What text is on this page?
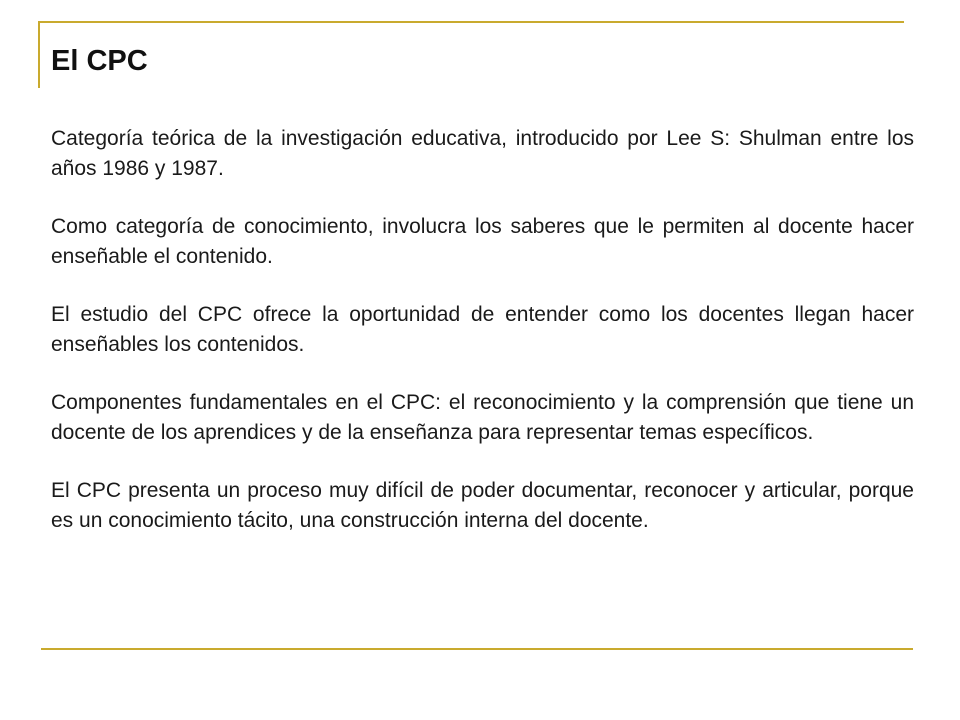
El CPC

Categoría teórica de la investigación educativa, introducido por Lee S: Shulman entre los años 1986 y 1987.

Como categoría de conocimiento, involucra los saberes que le permiten al docente hacer enseñable el contenido.

El estudio del CPC ofrece la oportunidad de entender como los docentes llegan hacer enseñables los contenidos.

Componentes fundamentales en el CPC: el reconocimiento y la comprensión que tiene un docente de los aprendices y de la enseñanza para representar temas específicos.

El CPC presenta un proceso muy difícil de poder documentar, reconocer y articular, porque es un conocimiento tácito, una construcción interna del docente.
